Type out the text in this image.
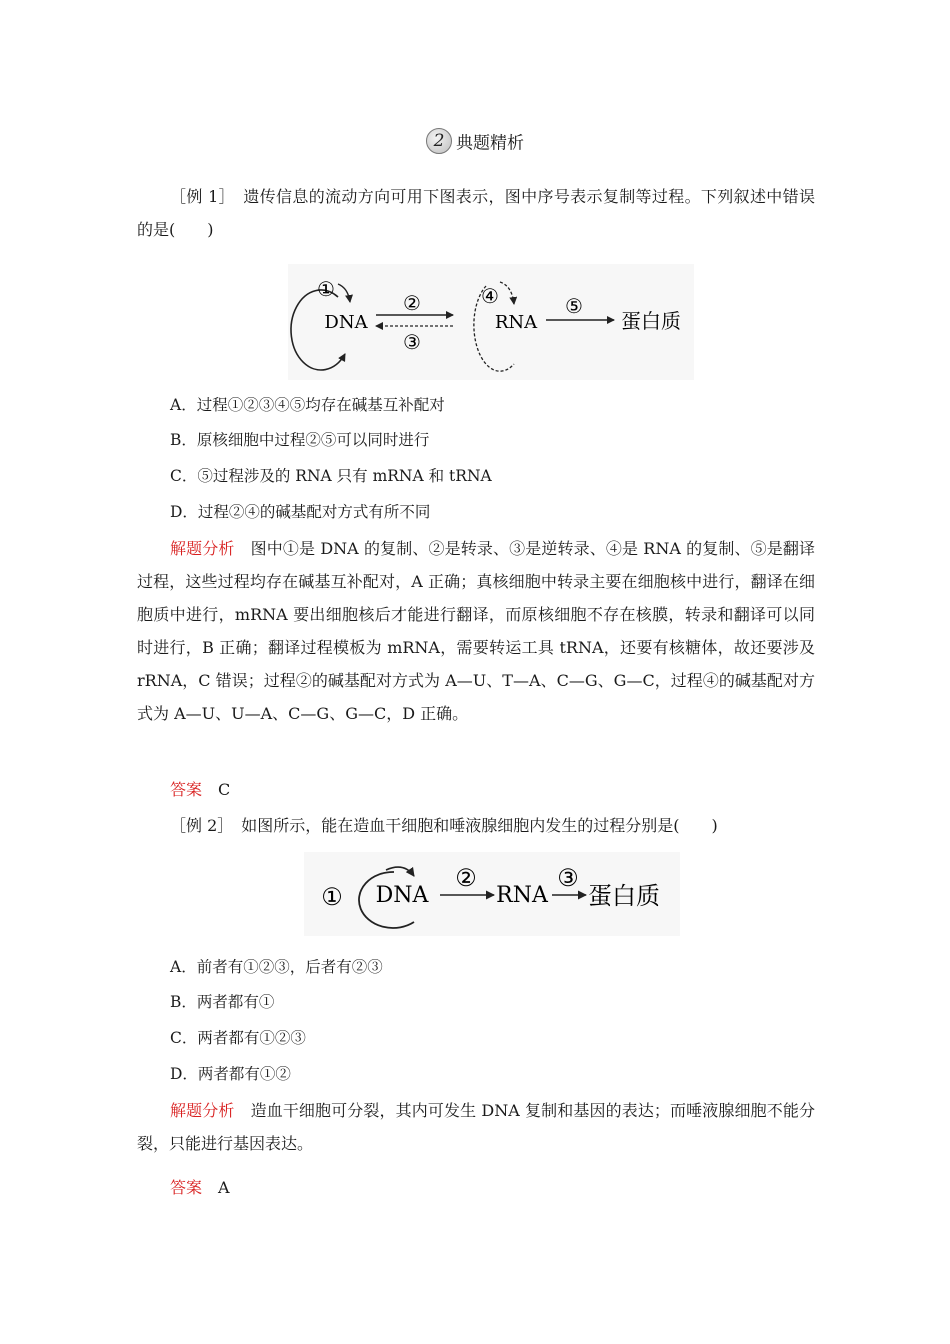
2 典题精析

［例 1］　遗传信息的流动方向可用下图表示，图中序号表示复制等过程。下列叙述中错误的是(　　)

①
DNA
②
③
④
RNA
⑤
蛋白质

A．过程①②③④⑤均存在碱基互补配对

B．原核细胞中过程②⑤可以同时进行

C．⑤过程涉及的 RNA 只有 mRNA 和 tRNA

D．过程②④的碱基配对方式有所不同

解题分析　图中①是 DNA 的复制、②是转录、③是逆转录、④是 RNA 的复制、⑤是翻译过程，这些过程均存在碱基互补配对，A 正确；真核细胞中转录主要在细胞核中进行，翻译在细胞质中进行，mRNA 要出细胞核后才能进行翻译，而原核细胞不存在核膜，转录和翻译可以同时进行，B 正确；翻译过程模板为 mRNA，需要转运工具 tRNA，还要有核糖体，故还要涉及 rRNA，C 错误；过程②的碱基配对方式为 A—U、T—A、C—G、G—C，过程④的碱基配对方式为 A—U、U—A、C—G、G—C，D 正确。

答案　C

［例 2］　如图所示，能在造血干细胞和唾液腺细胞内发生的过程分别是(　　)

① DNA
②
RNA
③
蛋白质

A．前者有①②③，后者有②③

B．两者都有①

C．两者都有①②③

D．两者都有①②

解题分析　造血干细胞可分裂，其内可发生 DNA 复制和基因的表达；而唾液腺细胞不能分裂，只能进行基因表达。

答案　A
